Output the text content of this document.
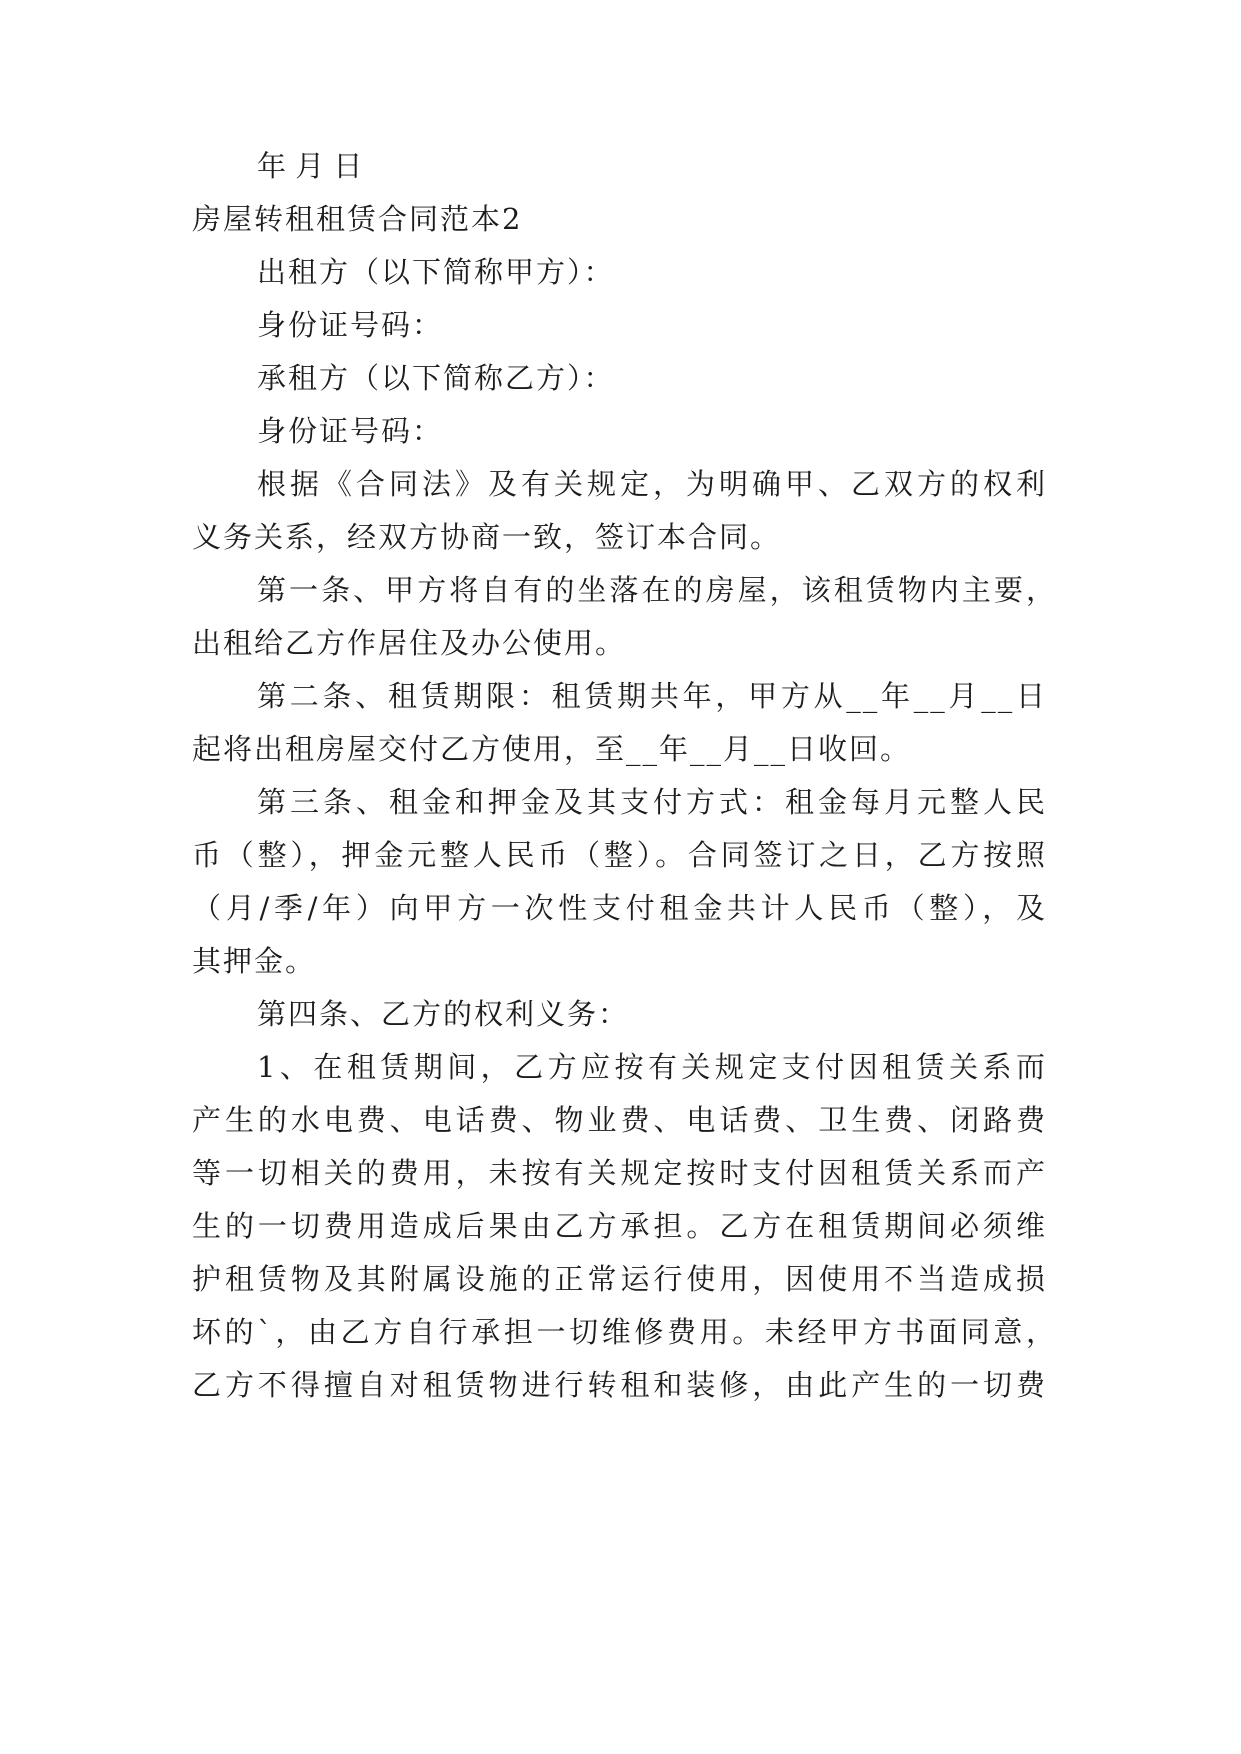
年 月 日

房屋转租租赁合同范本2

出租方（以下简称甲方）：

身份证号码：

承租方（以下简称乙方）：

身份证号码：

根据《合同法》及有关规定，为明确甲、乙双方的权利

义务关系，经双方协商一致，签订本合同。

第一条、甲方将自有的坐落在的房屋，该租赁物内主要，

出租给乙方作居住及办公使用。

第二条、租赁期限：租赁期共年，甲方从__年__月__日

起将出租房屋交付乙方使用，至__年__月__日收回。

第三条、租金和押金及其支付方式：租金每月元整人民

币（整），押金元整人民币（整）。合同签订之日，乙方按照

（月/季/年）向甲方一次性支付租金共计人民币（整），及

其押金。

第四条、乙方的权利义务：

1、在租赁期间，乙方应按有关规定支付因租赁关系而

产生的水电费、电话费、物业费、电话费、卫生费、闭路费

等一切相关的费用，未按有关规定按时支付因租赁关系而产

生的一切费用造成后果由乙方承担。乙方在租赁期间必须维

护租赁物及其附属设施的正常运行使用，因使用不当造成损

坏的`，由乙方自行承担一切维修费用。未经甲方书面同意，

乙方不得擅自对租赁物进行转租和装修，由此产生的一切费
